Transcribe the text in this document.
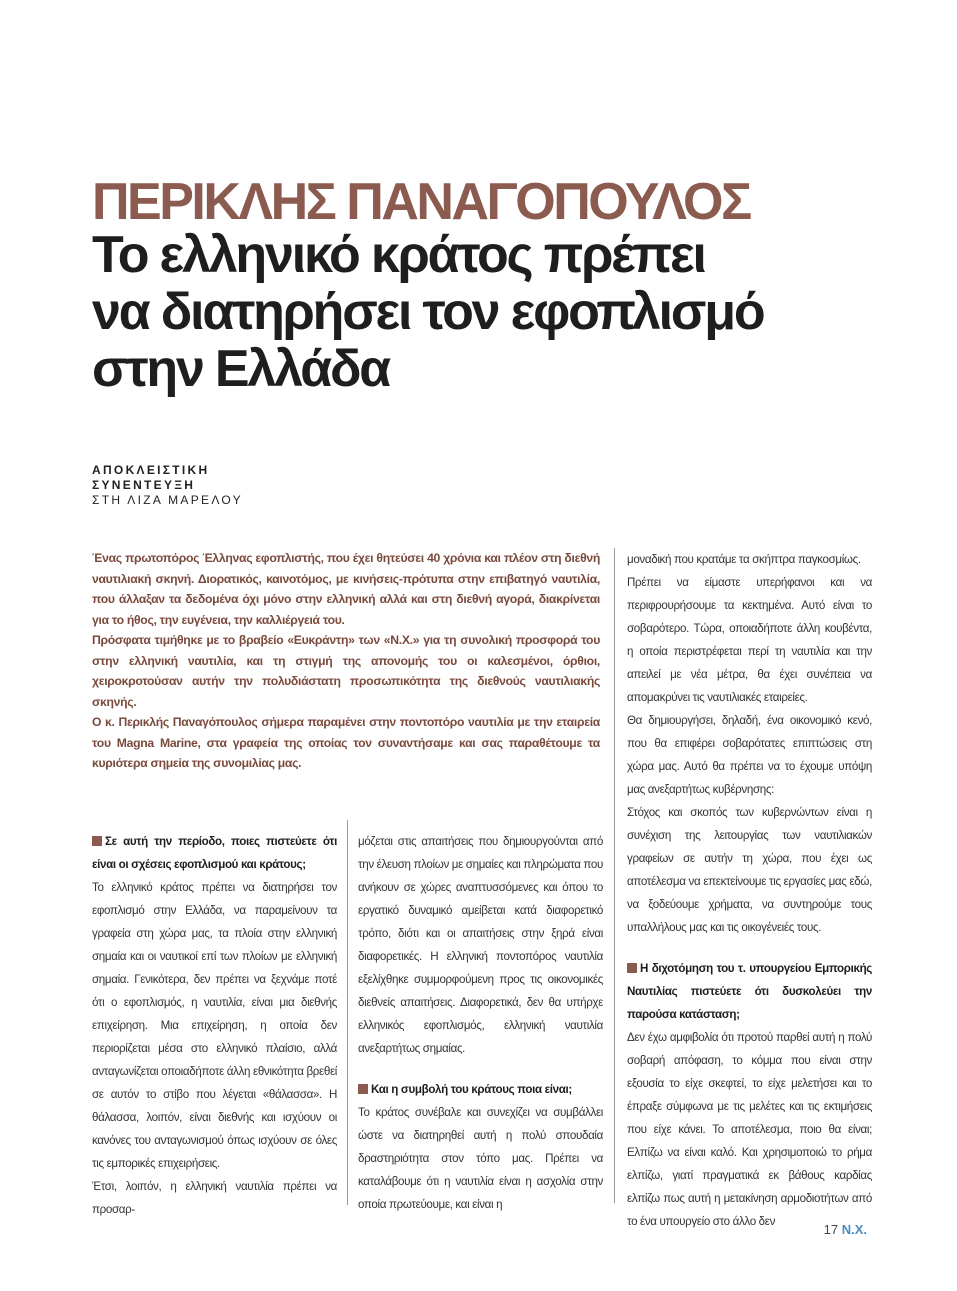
ΠΕΡΙΚΛΗΣ ΠΑΝΑΓΟΠΟΥΛΟΣ
Το ελληνικό κράτος πρέπει
να διατηρήσει τον εφοπλισμό
στην Ελλάδα
ΑΠΟΚΛΕΙΣΤΙΚΗ
ΣΥΝΕΝΤΕΥΞΗ
ΣΤΗ ΛΙΖΑ ΜΑΡΕΛΟΥ

Ένας πρωτοπόρος Έλληνας εφοπλιστής, που έχει θητεύσει 40 χρόνια και πλέον στη διεθνή ναυτιλιακή σκηνή. Διορατικός, καινοτόμος, με κινήσεις-πρότυπα στην επιβατηγό ναυτιλία, που άλλαξαν τα δεδομένα όχι μόνο στην ελληνική αλλά και στη διεθνή αγορά, διακρίνεται για το ήθος, την ευγένεια, την καλλιέργειά του.

Πρόσφατα τιμήθηκε με το βραβείο «Ευκράντη» των «Ν.Χ.» για τη συνολική προσφορά του στην ελληνική ναυτιλία, και τη στιγμή της απονομής του οι καλεσμένοι, όρθιοι, χειροκροτούσαν αυτήν την πολυδιάστατη προσωπικότητα της διεθνούς ναυτιλιακής σκηνής.

Ο κ. Περικλής Παναγόπουλος σήμερα παραμένει στην ποντοπόρο ναυτιλία με την εταιρεία του Magna Marine, στα γραφεία της οποίας τον συναντήσαμε και σας παραθέτουμε τα κυριότερα σημεία της συνομιλίας μας.

Σε αυτή την περίοδο, ποιες πιστεύετε ότι είναι οι σχέσεις εφοπλισμού και κράτους;

Το ελληνικό κράτος πρέπει να διατηρήσει τον εφοπλισμό στην Ελλάδα, να παραμείνουν τα γραφεία στη χώρα μας, τα πλοία στην ελληνική σημαία και οι ναυτικοί επί των πλοίων με ελληνική σημαία. Γενικότερα, δεν πρέπει να ξεχνάμε ποτέ ότι ο εφοπλισμός, η ναυτιλία, είναι μια διεθνής επιχείρηση. Μια επιχείρηση, η οποία δεν περιορίζεται μέσα στο ελληνικό πλαίσιο, αλλά ανταγωνίζεται οποιαδήποτε άλλη εθνικότητα βρεθεί σε αυτόν το στίβο που λέγεται «θάλασσα». Η θάλασσα, λοιπόν, είναι διεθνής και ισχύουν οι κανόνες του ανταγωνισμού όπως ισχύουν σε όλες τις εμπορικές επιχειρήσεις.

Έτσι, λοιπόν, η ελληνική ναυτιλία πρέπει να προσαρ-

μόζεται στις απαιτήσεις που δημιουργούνται από την έλευση πλοίων με σημαίες και πληρώματα που ανήκουν σε χώρες αναπτυσσόμενες και όπου το εργατικό δυναμικό αμείβεται κατά διαφορετικό τρόπο, διότι και οι απαιτήσεις στην ξηρά είναι διαφορετικές. Η ελληνική ποντοπόρος ναυτιλία εξελίχθηκε συμμορφούμενη προς τις οικονομικές διεθνείς απαιτήσεις. Διαφορετικά, δεν θα υπήρχε ελληνικός εφοπλισμός, ελληνική ναυτιλία ανεξαρτήτως σημαίας.

Και η συμβολή του κράτους ποια είναι;

Το κράτος συνέβαλε και συνεχίζει να συμβάλλει ώστε να διατηρηθεί αυτή η πολύ σπουδαία δραστηριότητα στον τόπο μας. Πρέπει να καταλάβουμε ότι η ναυτιλία είναι η ασχολία στην οποία πρωτεύουμε, και είναι η

μοναδική που κρατάμε τα σκήπτρα παγκοσμίως.

Πρέπει να είμαστε υπερήφανοι και να περιφρουρήσουμε τα κεκτημένα. Αυτό είναι το σοβαρότερο. Τώρα, οποιαδήποτε άλλη κουβέντα, η οποία περιστρέφεται περί τη ναυτιλία και την απειλεί με νέα μέτρα, θα έχει συνέπεια να απομακρύνει τις ναυτιλιακές εταιρείες.

Θα δημιουργήσει, δηλαδή, ένα οικονομικό κενό, που θα επιφέρει σοβαρότατες επιπτώσεις στη χώρα μας. Αυτό θα πρέπει να το έχουμε υπόψη μας ανεξαρτήτως κυβέρνησης:

Στόχος και σκοπός των κυβερνώντων είναι η συνέχιση της λειτουργίας των ναυτιλιακών γραφείων σε αυτήν τη χώρα, που έχει ως αποτέλεσμα να επεκτείνουμε τις εργασίες μας εδώ, να ξοδεύουμε χρήματα, να συντηρούμε τους υπαλλήλους μας και τις οικογένειές τους.

Η διχοτόμηση του τ. υπουργείου Εμπορικής Ναυτιλίας πιστεύετε ότι δυσκολεύει την παρούσα κατάσταση;

Δεν έχω αμφιβολία ότι προτού παρθεί αυτή η πολύ σοβαρή απόφαση, το κόμμα που είναι στην εξουσία το είχε σκεφτεί, το είχε μελετήσει και το έπραξε σύμφωνα με τις μελέτες και τις εκτιμήσεις που είχε κάνει. Το αποτέλεσμα, ποιο θα είναι; Ελπίζω να είναι καλό. Και χρησιμοποιώ το ρήμα ελπίζω, γιατί πραγματικά εκ βάθους καρδίας ελπίζω πως αυτή η μετακίνηση αρμοδιοτήτων από το ένα υπουργείο στο άλλο δεν

17 Ν.Χ.
